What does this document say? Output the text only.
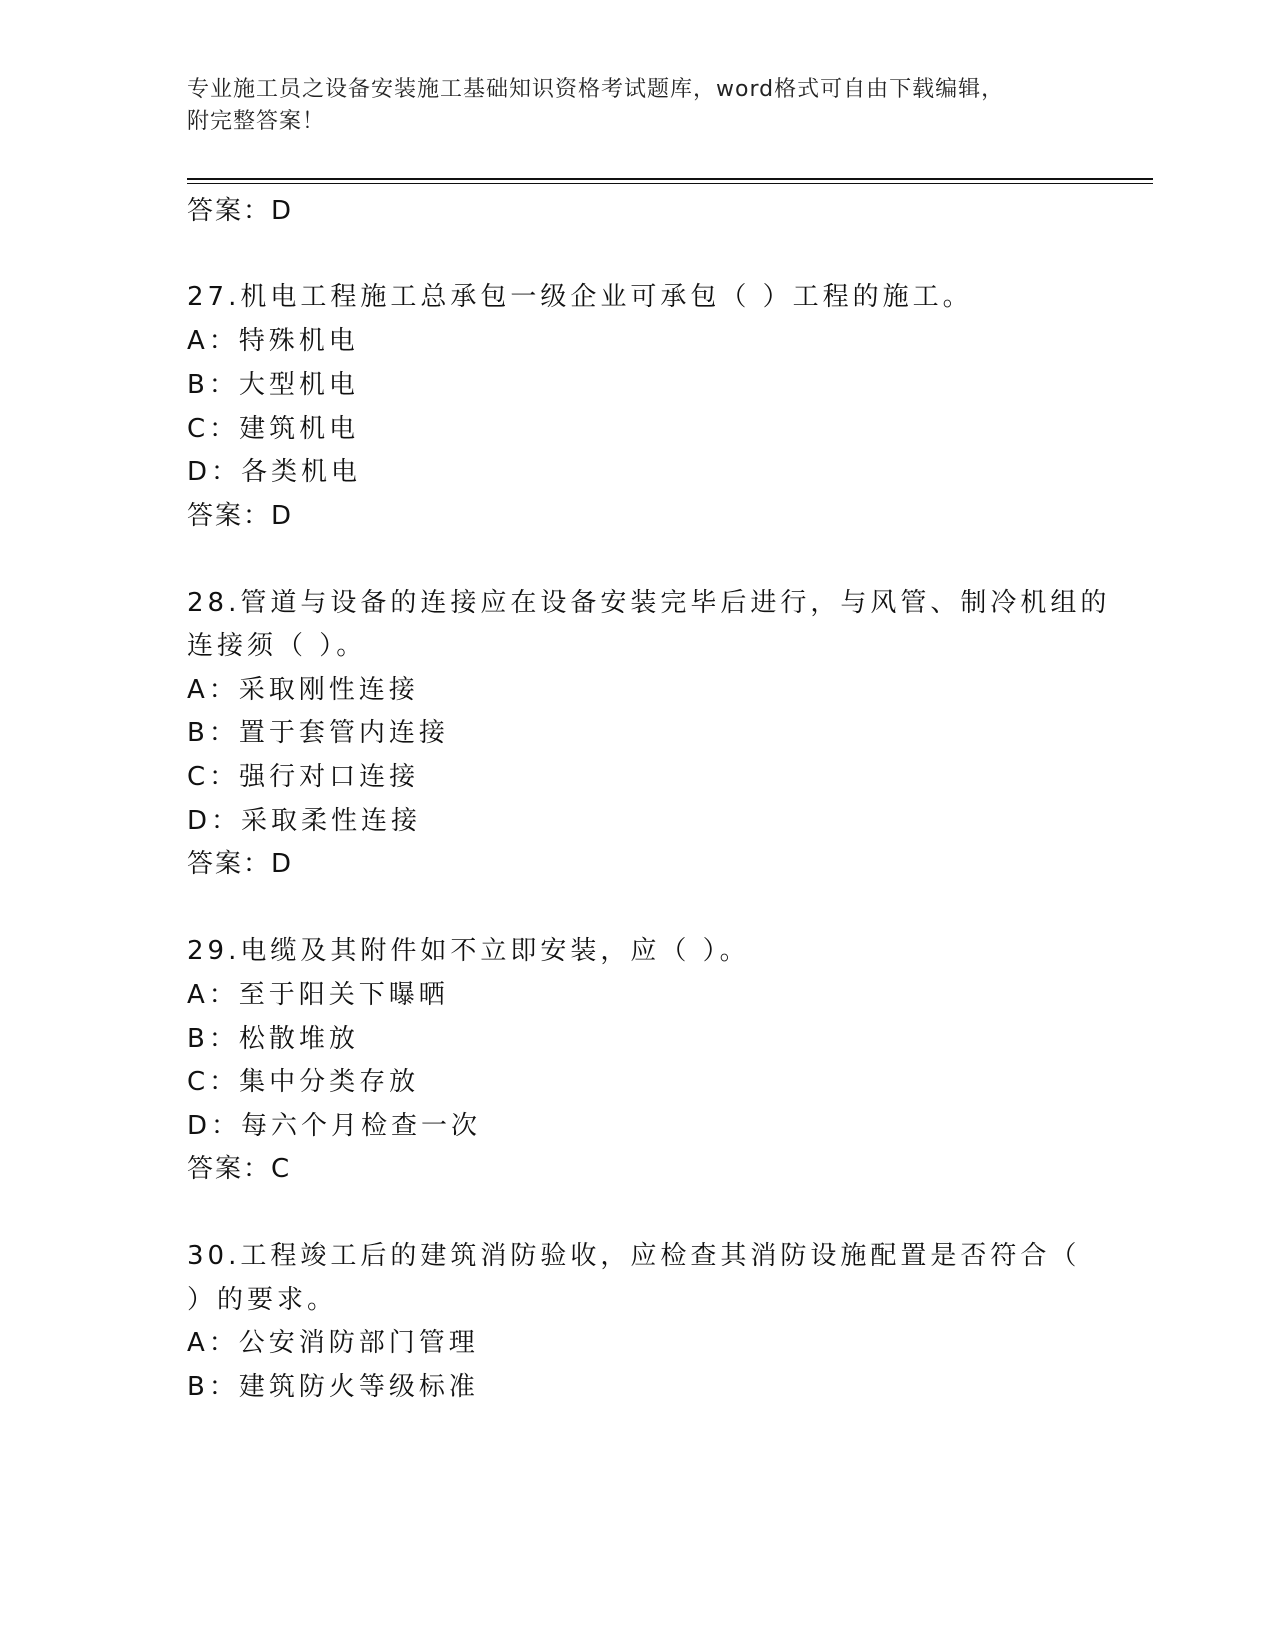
专业施工员之设备安装施工基础知识资格考试题库，word格式可自由下载编辑，
附完整答案！
答案：D
27.机电工程施工总承包一级企业可承包（ ）工程的施工。
A：特殊机电
B：大型机电
C：建筑机电
D：各类机电
答案：D
28.管道与设备的连接应在设备安装完毕后进行，与风管、制冷机组的
连接须（ ）。
A：采取刚性连接
B：置于套管内连接
C：强行对口连接
D：采取柔性连接
答案：D
29.电缆及其附件如不立即安装，应（ ）。
A：至于阳关下曝晒
B：松散堆放
C：集中分类存放
D：每六个月检查一次
答案：C
30.工程竣工后的建筑消防验收，应检查其消防设施配置是否符合（
）的要求。
A：公安消防部门管理
B：建筑防火等级标准
